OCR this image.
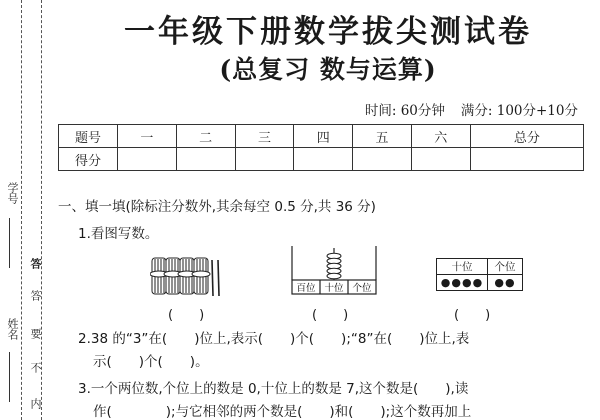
学号
姓名
答
答
要
不
内
一年级下册数学拔尖测试卷
(总复习 数与运算)
时间: 60分钟 满分: 100分+10分
题号	一	二	三	四	五	六	总分
得分							
一、填一填(除标注分数外,其余每空 0.5 分,共 36 分)
1.看图写数。
(　　)
百位 十位 个位
(　　)
十位	个位
●●●●	●●
(　　)
2.38 的“3”在(　　)位上,表示(　　)个(　　);“8”在(　　)位上,表
示(　　)个(　　)。
3.一个两位数,个位上的数是 0,十位上的数是 7,这个数是(　　),读
作(　　　　);与它相邻的两个数是(　　)和(　　);这个数再加上
